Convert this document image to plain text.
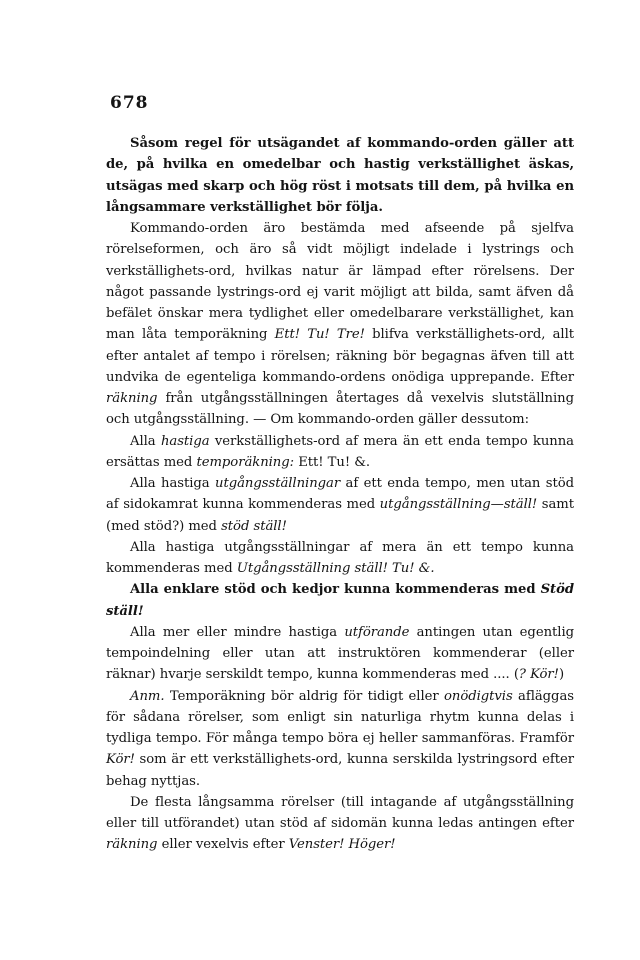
678

Såsom regel för utsägandet af kommando-orden gäller att de, på hvilka en omedelbar och hastig verkställighet äskas, utsägas med skarp och hög röst i motsats till dem, på hvilka en långsammare verkställighet bör följa.

Kommando-orden äro bestämda med afseende på sjelfva rörelseformen, och äro så vidt möjligt indelade i lystrings och verkställighets-ord, hvilkas natur är lämpad efter rörelsens. Der något passande lystrings-ord ej varit möjligt att bilda, samt äfven då befälet önskar mera tydlighet eller omedelbarare verkställighet, kan man låta temporäkning Ett! Tu! Tre! blifva verkställighets-ord, allt efter antalet af tempo i rörelsen; räkning bör begagnas äfven till att undvika de egenteliga kommando-ordens onödiga upprepande. Efter räkning från utgångsställningen återtages då vexelvis slutställning och utgångsställning. — Om kommando-orden gäller dessutom:

Alla hastiga verkställighets-ord af mera än ett enda tempo kunna ersättas med temporäkning: Ett! Tu! &.

Alla hastiga utgångsställningar af ett enda tempo, men utan stöd af sidokamrat kunna kommenderas med utgångsställning—ställ! samt (med stöd?) med stöd ställ!

Alla hastiga utgångsställningar af mera än ett tempo kunna kommenderas med Utgångsställning ställ! Tu! &.

Alla enklare stöd och kedjor kunna kommenderas med Stöd ställ!

Alla mer eller mindre hastiga utförande antingen utan egentlig tempoindelning eller utan att instruktören kommenderar (eller räknar) hvarje serskildt tempo, kunna kommenderas med .... (? Kör!)

Anm. Temporäkning bör aldrig för tidigt eller onödigtvis afläggas för sådana rörelser, som enligt sin naturliga rhytm kunna delas i tydliga tempo. För många tempo böra ej heller sammanföras. Framför Kör! som är ett verkställighets-ord, kunna serskilda lystringsord efter behag nyttjas.

De flesta långsamma rörelser (till intagande af utgångsställning eller till utförandet) utan stöd af sidomän kunna ledas antingen efter räkning eller vexelvis efter Venster! Höger!
